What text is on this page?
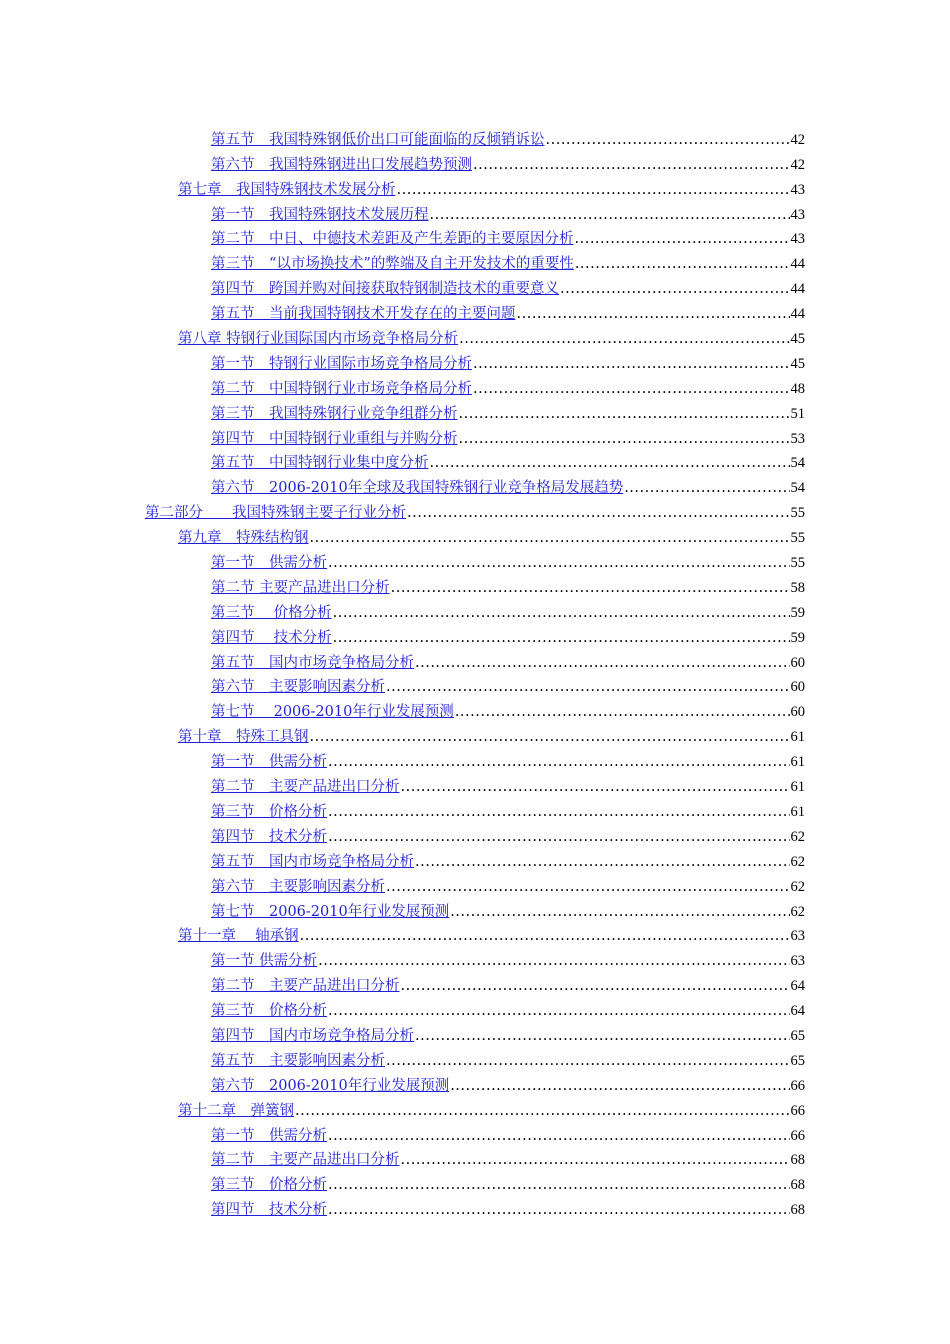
第五节　我国特殊钢低价出口可能面临的反倾销诉讼 .....	42
第六节　我国特殊钢进出口发展趋势预测 .....	42
第七章　我国特殊钢技术发展分析 .....	43
第一节　我国特殊钢技术发展历程 .....	43
第二节　中日、中德技术差距及产生差距的主要原因分析 .....	43
第三节　“以市场换技术”的弊端及自主开发技术的重要性 .....	44
第四节　跨国并购对间接获取特钢制造技术的重要意义 .....	44
第五节　当前我国特钢技术开发存在的主要问题 .....	44
第八章 特钢行业国际国内市场竞争格局分析 .....	45
第一节　特钢行业国际市场竞争格局分析 .....	45
第二节　中国特钢行业市场竞争格局分析 .....	48
第三节　我国特殊钢行业竞争组群分析 .....	51
第四节　中国特钢行业重组与并购分析 .....	53
第五节　中国特钢行业集中度分析 .....	54
第六节　2006-2010年全球及我国特殊钢行业竞争格局发展趋势 .....	54
第二部分　　我国特殊钢主要子行业分析 .....	55
第九章　特殊结构钢 .....	55
第一节　供需分析 .....	55
第二节 主要产品进出口分析 .....	58
第三节　 价格分析 .....	59
第四节　 技术分析 .....	59
第五节　国内市场竞争格局分析 .....	60
第六节　主要影响因素分析 .....	60
第七节　 2006-2010年行业发展预测 .....	60
第十章　特殊工具钢 .....	61
第一节　供需分析 .....	61
第二节　主要产品进出口分析 .....	61
第三节　价格分析 .....	61
第四节　技术分析 .....	62
第五节　国内市场竞争格局分析 .....	62
第六节　主要影响因素分析 .....	62
第七节　2006-2010年行业发展预测 .....	62
第十一章　 轴承钢 .....	63
第一节 供需分析 .....	63
第二节　主要产品进出口分析 .....	64
第三节　价格分析 .....	64
第四节　国内市场竞争格局分析 .....	65
第五节　主要影响因素分析 .....	65
第六节　2006-2010年行业发展预测 .....	66
第十二章　弹簧钢 .....	66
第一节　供需分析 .....	66
第二节　主要产品进出口分析 .....	68
第三节　价格分析 .....	68
第四节　技术分析 .....	68
